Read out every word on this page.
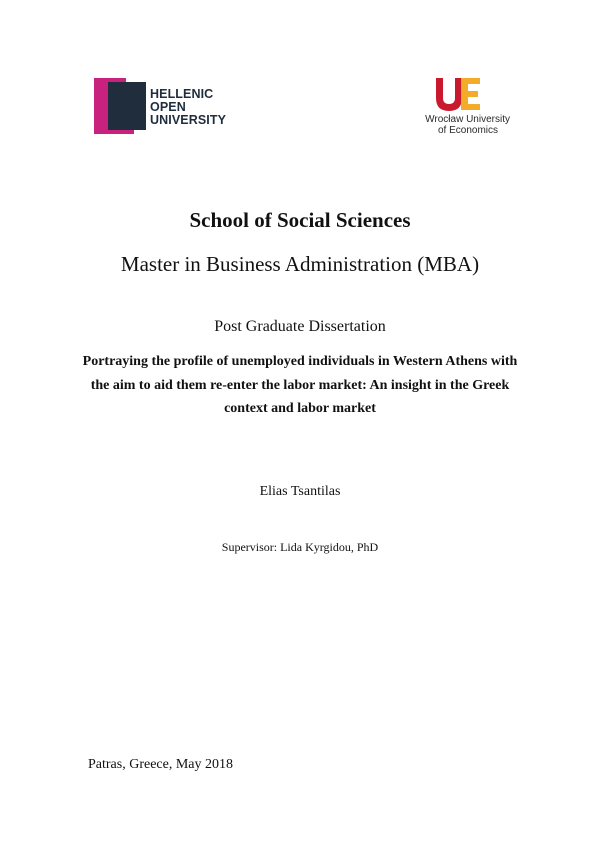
HELLENIC
OPEN
UNIVERSITY	Wrocław University
of Economics
School of Social Sciences
Master in Business Administration (MBA)
Post Graduate Dissertation
Portraying the profile of unemployed individuals in Western Athens with
the aim to aid them re-enter the labor market: An insight in the Greek
context and labor market
Elias Tsantilas
Supervisor: Lida Kyrgidou, PhD
Patras, Greece, May 2018
